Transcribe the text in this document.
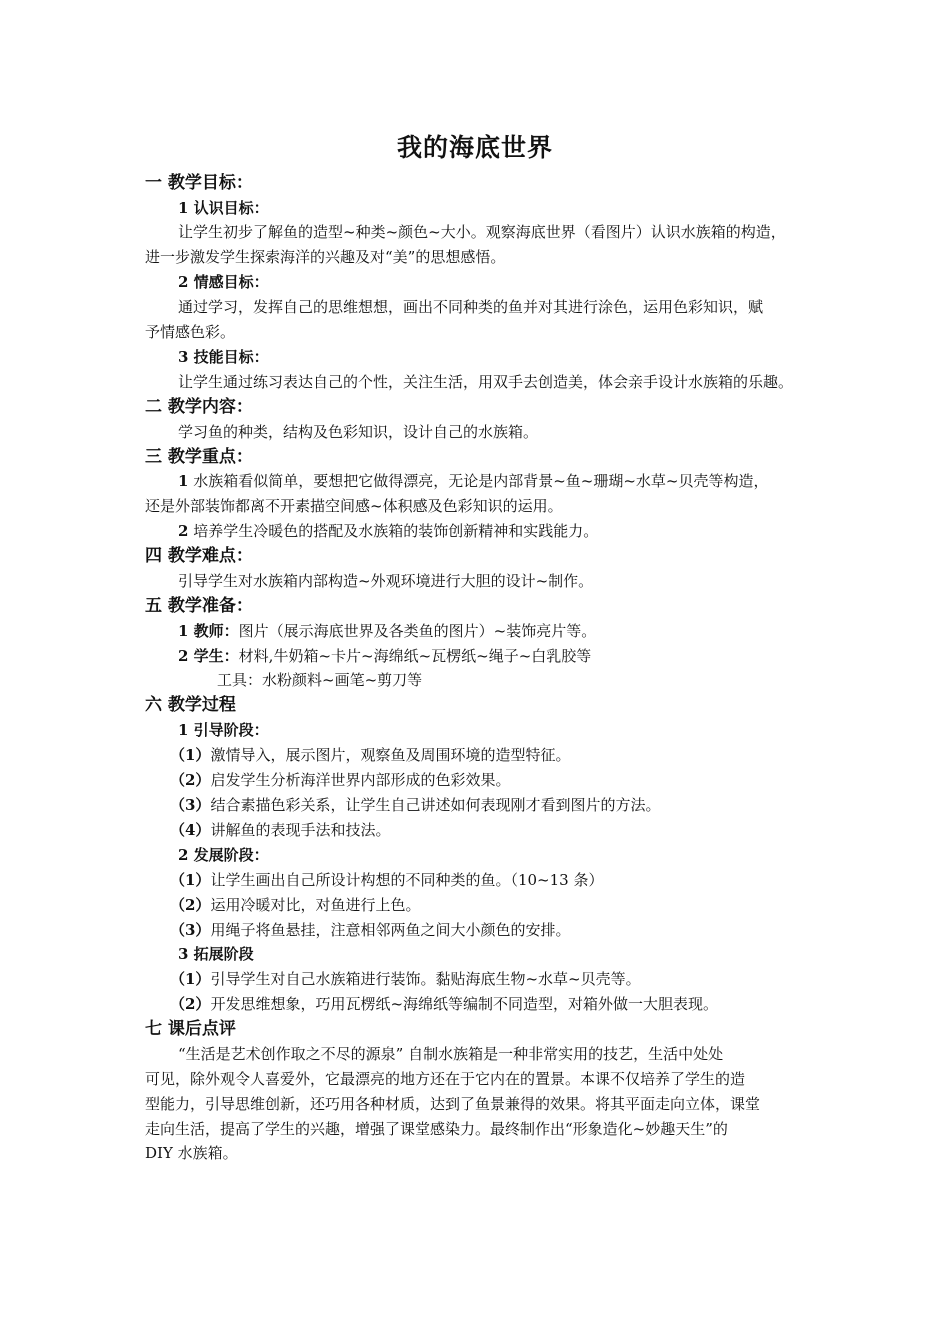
我的海底世界
一 教学目标：
1 认识目标：
让学生初步了解鱼的造型~种类~颜色~大小。观察海底世界（看图片）认识水族箱的构造，
进一步激发学生探索海洋的兴趣及对“美”的思想感悟。
2 情感目标：
通过学习，发挥自己的思维想想，画出不同种类的鱼并对其进行涂色，运用色彩知识，赋
予情感色彩。
3 技能目标：
让学生通过练习表达自己的个性，关注生活，用双手去创造美，体会亲手设计水族箱的乐趣。
二 教学内容：
学习鱼的种类，结构及色彩知识，设计自己的水族箱。
三 教学重点：
1 水族箱看似简单，要想把它做得漂亮，无论是内部背景~鱼~珊瑚~水草~贝壳等构造，
还是外部装饰都离不开素描空间感~体积感及色彩知识的运用。
2 培养学生冷暖色的搭配及水族箱的装饰创新精神和实践能力。
四 教学难点：
引导学生对水族箱内部构造~外观环境进行大胆的设计~制作。
五 教学准备：
1 教师：图片（展示海底世界及各类鱼的图片）~装饰亮片等。
2 学生：材料,牛奶箱~卡片~海绵纸~瓦楞纸~绳子~白乳胶等
工具：水粉颜料~画笔~剪刀等
六 教学过程
1 引导阶段：
（1）激情导入，展示图片，观察鱼及周围环境的造型特征。
（2）启发学生分析海洋世界内部形成的色彩效果。
（3）结合素描色彩关系，让学生自己讲述如何表现刚才看到图片的方法。
（4）讲解鱼的表现手法和技法。
2 发展阶段：
（1）让学生画出自己所设计构想的不同种类的鱼。（10~13 条）
（2）运用冷暖对比，对鱼进行上色。
（3）用绳子将鱼悬挂，注意相邻两鱼之间大小颜色的安排。
3 拓展阶段
（1）引导学生对自己水族箱进行装饰。黏贴海底生物~水草~贝壳等。
（2）开发思维想象，巧用瓦楞纸~海绵纸等编制不同造型，对箱外做一大胆表现。
七 课后点评
“生活是艺术创作取之不尽的源泉” 自制水族箱是一种非常实用的技艺，生活中处处
可见，除外观令人喜爱外，它最漂亮的地方还在于它内在的置景。本课不仅培养了学生的造
型能力，引导思维创新，还巧用各种材质，达到了鱼景兼得的效果。将其平面走向立体，课堂
走向生活，提高了学生的兴趣，增强了课堂感染力。最终制作出“形象造化~妙趣天生”的
DIY 水族箱。
